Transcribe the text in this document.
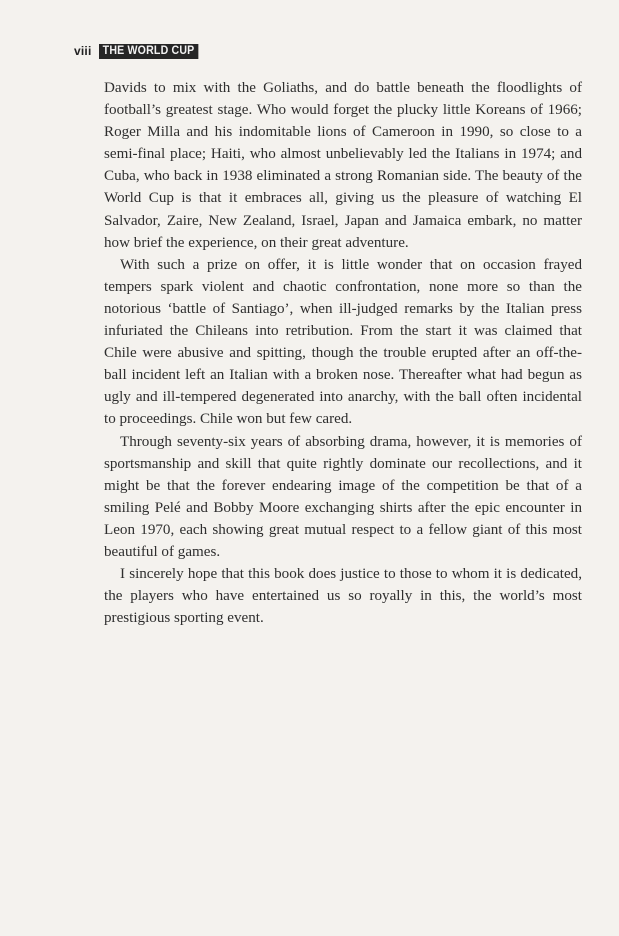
viii	THE WORLD CUP

Davids to mix with the Goliaths, and do battle beneath the floodlights of football’s greatest stage. Who would forget the plucky little Koreans of 1966; Roger Milla and his indomitable lions of Cameroon in 1990, so close to a semi-final place; Haiti, who almost unbelievably led the Italians in 1974; and Cuba, who back in 1938 eliminated a strong Romanian side. The beauty of the World Cup is that it embraces all, giving us the pleasure of watching El Salvador, Zaire, New Zealand, Israel, Japan and Jamaica embark, no matter how brief the experience, on their great adventure.

With such a prize on offer, it is little wonder that on occasion frayed tempers spark violent and chaotic confrontation, none more so than the notorious ‘battle of Santiago’, when ill-judged remarks by the Italian press infuriated the Chileans into retribution. From the start it was claimed that Chile were abusive and spitting, though the trouble erupted after an off-the-ball incident left an Italian with a broken nose. Thereafter what had begun as ugly and ill-tempered degenerated into anarchy, with the ball often incidental to proceedings. Chile won but few cared.

Through seventy-six years of absorbing drama, however, it is memories of sportsmanship and skill that quite rightly dominate our recollections, and it might be that the forever endearing image of the competition be that of a smiling Pelé and Bobby Moore exchanging shirts after the epic encounter in Leon 1970, each showing great mutual respect to a fellow giant of this most beautiful of games.

I sincerely hope that this book does justice to those to whom it is dedicated, the players who have entertained us so royally in this, the world’s most prestigious sporting event.
